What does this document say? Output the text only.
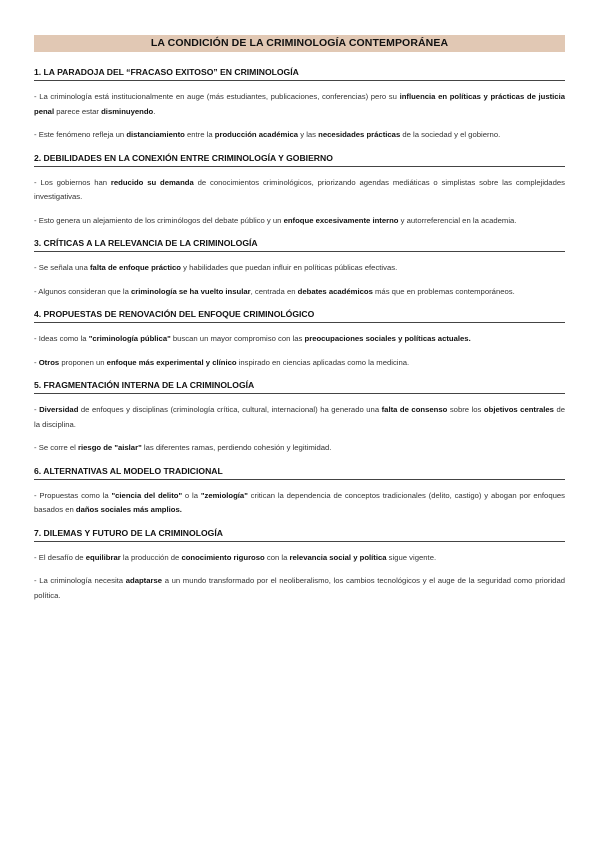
LA CONDICIÓN DE LA CRIMINOLOGÍA CONTEMPORÁNEA
1. LA PARADOJA DEL “FRACASO EXITOSO” EN CRIMINOLOGÍA

- La criminología está institucionalmente en auge (más estudiantes, publicaciones, conferencias) pero su influencia en políticas y prácticas de justicia penal parece estar disminuyendo.

- Este fenómeno refleja un distanciamiento entre la producción académica y las necesidades prácticas de la sociedad y el gobierno.

2. DEBILIDADES EN LA CONEXIÓN ENTRE CRIMINOLOGÍA Y GOBIERNO

- Los gobiernos han reducido su demanda de conocimientos criminológicos, priorizando agendas mediáticas o simplistas sobre las complejidades investigativas.

- Esto genera un alejamiento de los criminólogos del debate público y un enfoque excesivamente interno y autorreferencial en la academia.

3. CRÍTICAS A LA RELEVANCIA DE LA CRIMINOLOGÍA

- Se señala una falta de enfoque práctico y habilidades que puedan influir en políticas públicas efectivas.

- Algunos consideran que la criminología se ha vuelto insular, centrada en debates académicos más que en problemas contemporáneos.

4. PROPUESTAS DE RENOVACIÓN DEL ENFOQUE CRIMINOLÓGICO

- Ideas como la "criminología pública" buscan un mayor compromiso con las preocupaciones sociales y políticas actuales.

- Otros proponen un enfoque más experimental y clínico inspirado en ciencias aplicadas como la medicina.

5. FRAGMENTACIÓN INTERNA DE LA CRIMINOLOGÍA

- Diversidad de enfoques y disciplinas (criminología crítica, cultural, internacional) ha generado una falta de consenso sobre los objetivos centrales de la disciplina.

- Se corre el riesgo de "aislar" las diferentes ramas, perdiendo cohesión y legitimidad.

6. ALTERNATIVAS AL MODELO TRADICIONAL

- Propuestas como la "ciencia del delito" o la "zemiología" critican la dependencia de conceptos tradicionales (delito, castigo) y abogan por enfoques basados en daños sociales más amplios.

7. DILEMAS Y FUTURO DE LA CRIMINOLOGÍA

- El desafío de equilibrar la producción de conocimiento riguroso con la relevancia social y política sigue vigente.

- La criminología necesita adaptarse a un mundo transformado por el neoliberalismo, los cambios tecnológicos y el auge de la seguridad como prioridad política.
